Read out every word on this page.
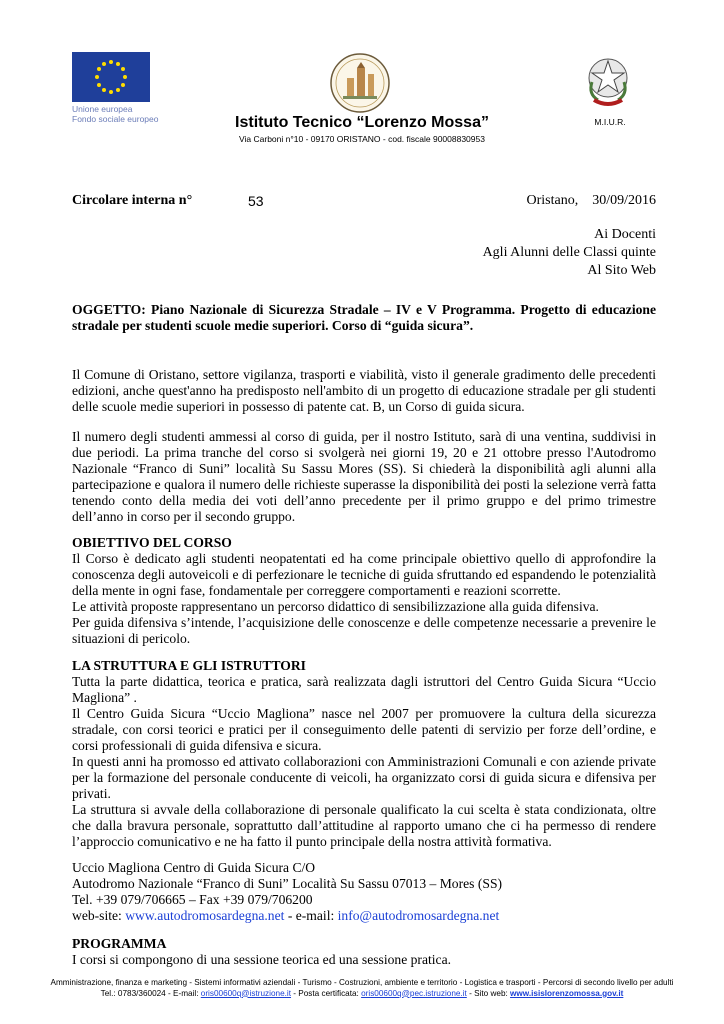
Unione europea
Fondo sociale europeo	Istituto Tecnico “Lorenzo Mossa”	M.I.U.R.
Via Carboni n°10 - 09170 ORISTANO - cod. fiscale 90008830953
Circolare interna n°	53	Oristano,    30/09/2016
Ai Docenti
Agli Alunni delle Classi quinte
Al Sito Web
OGGETTO: Piano Nazionale di Sicurezza Stradale – IV e V Programma. Progetto di educazione stradale per studenti scuole medie superiori. Corso di “guida sicura”.
Il Comune di Oristano, settore vigilanza, trasporti e viabilità, visto il generale gradimento delle precedenti edizioni, anche quest'anno ha predisposto nell'ambito di un progetto di educazione stradale per gli studenti delle scuole medie superiori in possesso di patente cat. B, un Corso di guida sicura.
Il numero degli studenti ammessi al corso di guida, per il nostro Istituto, sarà di una ventina, suddivisi in due periodi. La prima tranche del corso si svolgerà nei giorni 19, 20 e 21 ottobre presso l'Autodromo Nazionale “Franco di Suni” località Su Sassu Mores (SS). Si chiederà la disponibilità agli alunni alla partecipazione e qualora il numero delle richieste superasse la disponibilità dei posti la selezione verrà fatta tenendo conto della media dei voti dell’anno precedente per il primo gruppo e del primo trimestre dell’anno in corso per il secondo gruppo.
OBIETTIVO DEL CORSO
Il Corso è dedicato agli studenti neopatentati ed ha come principale obiettivo quello di approfondire la conoscenza degli autoveicoli e di perfezionare le tecniche di guida sfruttando ed espandendo le potenzialità della mente in ogni fase, fondamentale per correggere comportamenti e reazioni scorrette.
Le attività proposte rappresentano un percorso didattico di sensibilizzazione alla guida difensiva.
Per guida difensiva s’intende, l’acquisizione delle conoscenze e delle competenze necessarie a prevenire le situazioni di pericolo.
LA STRUTTURA E GLI ISTRUTTORI
Tutta la parte didattica, teorica e pratica, sarà realizzata dagli istruttori del Centro Guida Sicura “Uccio Magliona” .
Il Centro Guida Sicura “Uccio Magliona” nasce nel 2007 per promuovere la cultura della sicurezza stradale, con corsi teorici e pratici per il conseguimento delle patenti di servizio per forze dell’ordine, e corsi professionali di guida difensiva e sicura.
In questi anni ha promosso ed attivato collaborazioni con Amministrazioni Comunali e con aziende private per la formazione del personale conducente di veicoli, ha organizzato corsi di guida sicura e difensiva per privati.
La struttura si avvale della collaborazione di personale qualificato la cui scelta è stata condizionata, oltre che dalla bravura personale, soprattutto dall’attitudine al rapporto umano che ci ha permesso di rendere l’approccio comunicativo e ne ha fatto il punto principale della nostra attività formativa.
Uccio Magliona Centro di Guida Sicura C/O
Autodromo Nazionale “Franco di Suni” Località Su Sassu 07013 – Mores (SS)
Tel. +39 079/706665 – Fax +39 079/706200
web-site: www.autodromosardegna.net - e-mail: info@autodromosardegna.net
PROGRAMMA
I corsi si compongono di una sessione teorica ed una sessione pratica.
Amministrazione, finanza e marketing - Sistemi informativi aziendali - Turismo - Costruzioni, ambiente e territorio - Logistica e trasporti - Percorsi di secondo livello per adulti
Tel.: 0783/360024 - E-mail: oris00600q@istruzione.it - Posta certificata: oris00600q@pec.istruzione.it - Sito web: www.isislorenzomossa.gov.it
